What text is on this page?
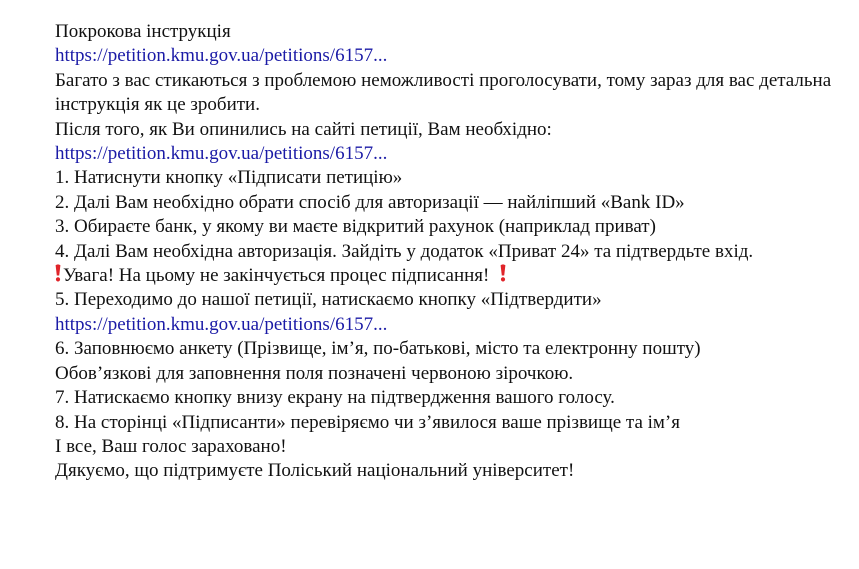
Покрокова інструкція
https://petition.kmu.gov.ua/petitions/6157...
Багато з вас стикаються з проблемою неможливості проголосувати, тому зараз для вас детальна інструкція як це зробити.
Після того, як Ви опинились на сайті петиції, Вам необхідно:
https://petition.kmu.gov.ua/petitions/6157...
1. Натиснути кнопку «Підписати петицію»
2. Далі Вам необхідно обрати спосіб для авторизації — найліпший «Bank ID»
3. Обираєте банк, у якому ви маєте відкритий рахунок (наприклад приват)
4. Далі Вам необхідна авторизація. Зайдіть у додаток «Приват 24» та підтвердьте вхід.
Увага! На цьому не закінчується процес підписання!
5. Переходимо до нашої петиції, натискаємо кнопку «Підтвердити»
https://petition.kmu.gov.ua/petitions/6157...
6. Заповнюємо анкету (Прізвище, ім’я, по-батькові, місто та електронну пошту)
Обов’язкові для заповнення поля позначені червоною зірочкою.
7. Натискаємо кнопку внизу екрану на підтвердження вашого голосу.
8. На сторінці «Підписанти» перевіряємо чи з’явилося ваше прізвище та ім’я
І все, Ваш голос зараховано!
Дякуємо, що підтримуєте Поліський національний університет!
